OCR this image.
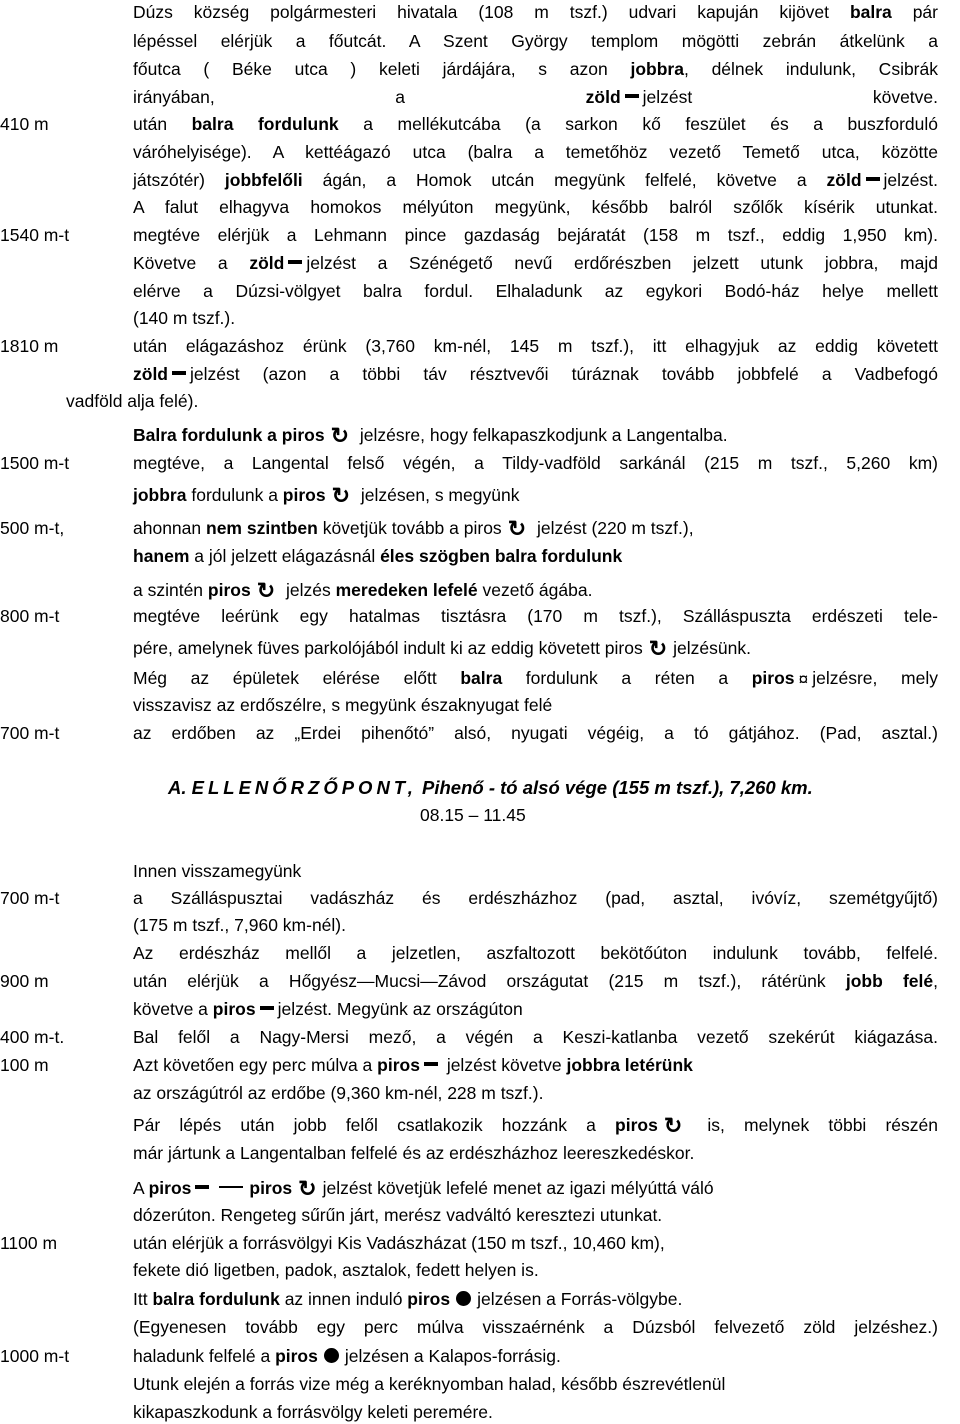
Dúzs község polgármesteri hivatala (108 m tszf.) udvari kapuján kijövet balra pár
lépéssel elérjük a főutcát. A Szent György templom mögötti zebrán átkelünk a
főutca ( Béke utca ) keleti járdájára, s azon jobbra, délnek indulunk, Csibrák
irányában, a zöld jelzést követve.
410 m	után balra fordulunk a mellékutcába (a sarkon kő feszület és a buszforduló
váróhelyisége). A kettéágazó utca (balra a temetőhöz vezető Temető utca, közötte
játszótér) jobbfelőli ágán, a Homok utcán megyünk felfelé, követve a zöld jelzést.
A falut elhagyva homokos mélyúton megyünk, később balról szőlők kísérik utunkat.
1540 m-t	megtéve elérjük a Lehmann pince gazdaság bejáratát (158 m tszf., eddig 1,950 km).
Követve a zöld jelzést a Szénégető nevű erdőrészben jelzett utunk jobbra, majd
elérve a Dúzsi-völgyet balra fordul. Elhaladunk az egykori Bodó-ház helye mellett
(140 m tszf.).
1810 m	után elágazáshoz érünk (3,760 km-nél, 145 m tszf.), itt elhagyjuk az eddig követett
zöld jelzést (azon a többi táv résztvevői túráznak tovább jobbfelé a Vadbefogó
vadföld alja felé).
Balra fordulunk a piros ↻ jelzésre, hogy felkapaszkodjunk a Langentalba.
1500 m-t	megtéve, a Langental felső végén, a Tildy-vadföld sarkánál (215 m tszf., 5,260 km)
jobbra fordulunk a piros ↻ jelzésen, s megyünk
500 m-t,	ahonnan nem szintben követjük tovább a piros ↻ jelzést (220 m tszf.),
hanem a jól jelzett elágazásnál éles szögben balra fordulunk
a szintén piros ↻ jelzés meredeken lefelé vezető ágába.
800 m-t	megtéve leérünk egy hatalmas tisztásra (170 m tszf.), Szálláspuszta erdészeti tele-
pére, amelynek füves parkolójából indult ki az eddig követett piros ↻ jelzésünk.
Még az épületek elérése előtt balra fordulunk a réten a piros ¤ jelzésre, mely
visszavisz az erdőszélre, s megyünk északnyugat felé
700 m-t	az erdőben az „Erdei pihenőtó” alsó, nyugati végéig, a tó gátjához. (Pad, asztal.)
Innen visszamegyünk
700 m-t	a Szálláspusztai vadászház és erdészházhoz (pad, asztal, ivóvíz, szemétgyűjtő)
(175 m tszf., 7,960 km-nél).
Az erdészház mellől a jelzetlen, aszfaltozott bekötőúton indulunk tovább, felfelé.
900 m	után elérjük a Hőgyész—Mucsi—Závod országutat (215 m tszf.), rátérünk jobb felé,
követve a piros jelzést. Megyünk az országúton
400 m-t.	Bal felől a Nagy-Mersi mező, a végén a Keszi-katlanba vezető szekérút kiágazása.
100 m	Azt követően egy perc múlva a piros jelzést követve jobbra letérünk
az országútról az erdőbe (9,360 km-nél, 228 m tszf.).
Pár lépés után jobb felől csatlakozik hozzánk a piros ↻ is, melynek többi részén
már jártunk a Langentalban felfelé és az erdészházhoz leereszkedéskor.
A piros	piros ↻ jelzést követjük lefelé menet az igazi mélyúttá váló
dózerúton. Rengeteg sűrűn járt, merész vadváltó keresztezi utunkat.
1100 m	után elérjük a forrásvölgyi Kis Vadászházat (150 m tszf., 10,460 km),
fekete dió ligetben, padok, asztalok, fedett helyen is.
Itt balra fordulunk az innen induló piros jelzésen a Forrás-völgybe.
(Egyenesen tovább egy perc múlva visszaérnénk a Dúzsból felvezető zöld jelzéshez.)
1000 m-t	haladunk felfelé a piros jelzésen a Kalapos-forrásig.
Utunk elején a forrás vize még a keréknyomban halad, később észrevétlenül
kikapaszkodunk a forrásvölgy keleti peremére.
A. ELLENŐRZŐPONT, Pihenő - tó alsó vége (155 m tszf.), 7,260 km.
08.15 – 11.45
